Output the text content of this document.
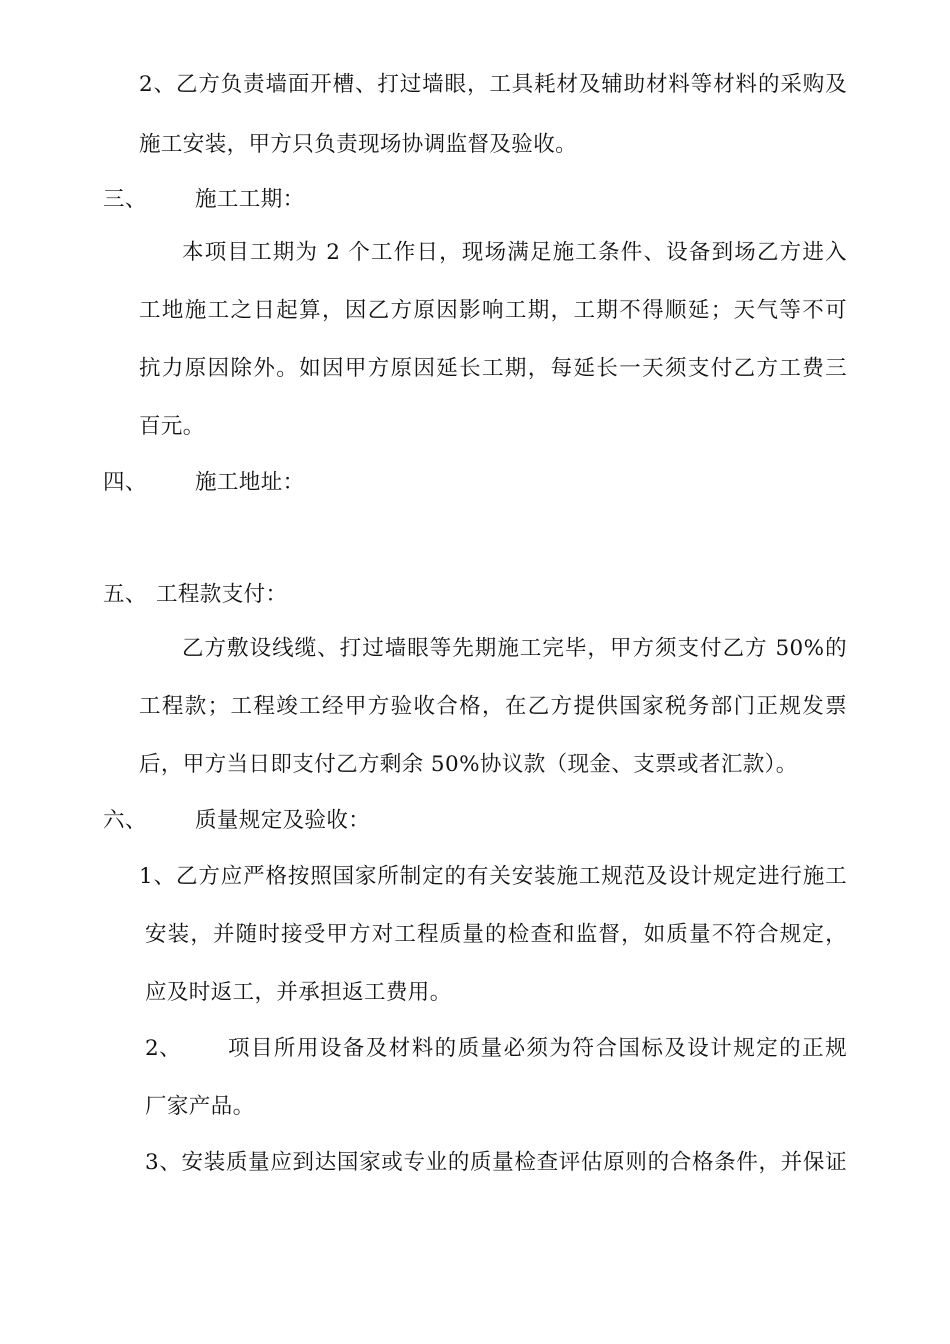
2、乙方负责墙面开槽、打过墙眼，工具耗材及辅助材料等材料的采购及
施工安装，甲方只负责现场协调监督及验收。
三、 施工工期：
本项目工期为 2 个工作日，现场满足施工条件、设备到场乙方进入
工地施工之日起算，因乙方原因影响工期，工期不得顺延；天气等不可
抗力原因除外。如因甲方原因延长工期，每延长一天须支付乙方工费三
百元。
四、 施工地址：
五、 工程款支付：
乙方敷设线缆、打过墙眼等先期施工完毕，甲方须支付乙方 50%的
工程款；工程竣工经甲方验收合格，在乙方提供国家税务部门正规发票
后，甲方当日即支付乙方剩余 50%协议款（现金、支票或者汇款）。
六、 质量规定及验收：
1、乙方应严格按照国家所制定的有关安装施工规范及设计规定进行施工
安装，并随时接受甲方对工程质量的检查和监督，如质量不符合规定，
应及时返工，并承担返工费用。
2、 项目所用设备及材料的质量必须为符合国标及设计规定的正规
厂家产品。
3、安装质量应到达国家或专业的质量检查评估原则的合格条件，并保证
